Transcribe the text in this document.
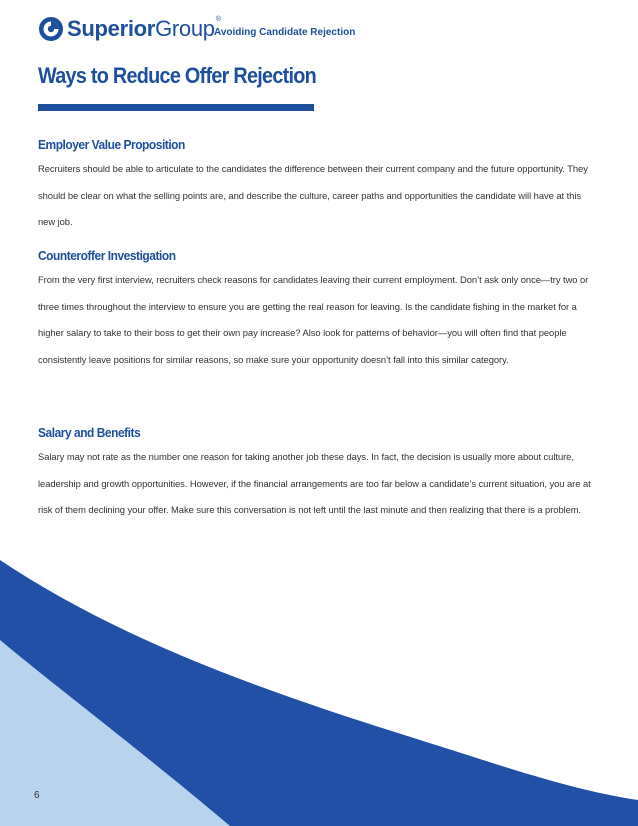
SuperiorGroup®
Avoiding Candidate Rejection
Ways to Reduce Offer Rejection
Employer Value Proposition

Recruiters should be able to articulate to the candidates the difference between their current company and the future opportunity. They should be clear on what the selling points are, and describe the culture, career paths and opportunities the candidate will have at this new job.

Counteroffer Investigation

From the very first interview, recruiters check reasons for candidates leaving their current employment. Don’t ask only once—try two or three times throughout the interview to ensure you are getting the real reason for leaving. Is the candidate fishing in the market for a higher salary to take to their boss to get their own pay increase? Also look for patterns of behavior—you will often find that people consistently leave positions for similar reasons, so make sure your opportunity doesn’t fall into this similar category.

Salary and Benefits

Salary may not rate as the number one reason for taking another job these days. In fact, the decision is usually more about culture, leadership and growth opportunities. However, if the financial arrangements are too far below a candidate’s current situation, you are at risk of them declining your offer. Make sure this conversation is not left until the last minute and then realizing that there is a problem.

6
